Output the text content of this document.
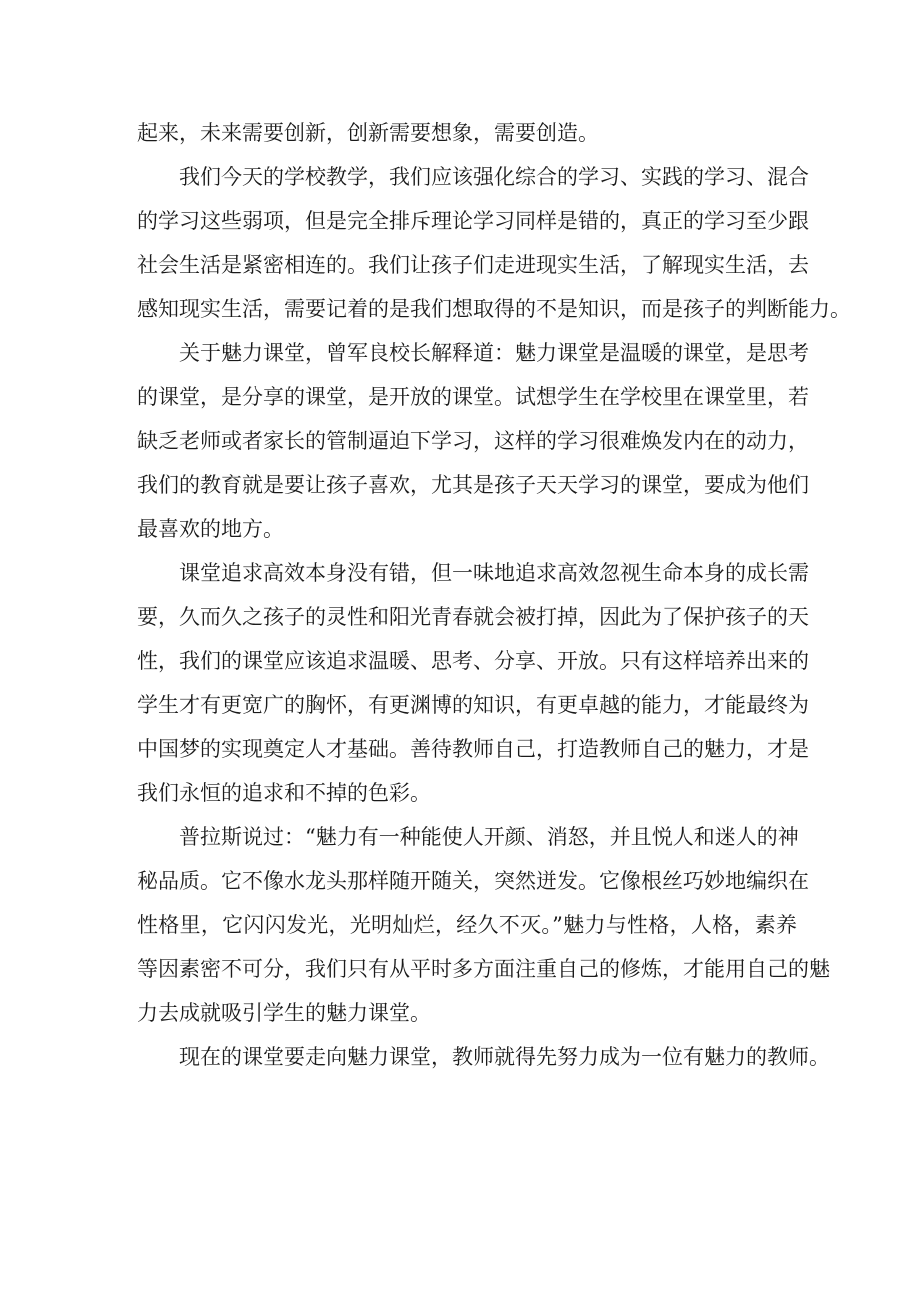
起来，未来需要创新，创新需要想象，需要创造。
我们今天的学校教学，我们应该强化综合的学习、实践的学习、混合
的学习这些弱项，但是完全排斥理论学习同样是错的，真正的学习至少跟
社会生活是紧密相连的。我们让孩子们走进现实生活，了解现实生活，去
感知现实生活，需要记着的是我们想取得的不是知识，而是孩子的判断能力。
关于魅力课堂，曾军良校长解释道：魅力课堂是温暖的课堂，是思考
的课堂，是分享的课堂，是开放的课堂。试想学生在学校里在课堂里，若
缺乏老师或者家长的管制逼迫下学习，这样的学习很难焕发内在的动力，
我们的教育就是要让孩子喜欢，尤其是孩子天天学习的课堂，要成为他们
最喜欢的地方。
课堂追求高效本身没有错，但一味地追求高效忽视生命本身的成长需
要，久而久之孩子的灵性和阳光青春就会被打掉，因此为了保护孩子的天
性，我们的课堂应该追求温暖、思考、分享、开放。只有这样培养出来的
学生才有更宽广的胸怀，有更渊博的知识，有更卓越的能力，才能最终为
中国梦的实现奠定人才基础。善待教师自己，打造教师自己的魅力，才是
我们永恒的追求和不掉的色彩。
普拉斯说过：“魅力有一种能使人开颜、消怒，并且悦人和迷人的神
秘品质。它不像水龙头那样随开随关，突然迸发。它像根丝巧妙地编织在
性格里，它闪闪发光，光明灿烂，经久不灭。”魅力与性格，人格，素养
等因素密不可分，我们只有从平时多方面注重自己的修炼，才能用自己的魅
力去成就吸引学生的魅力课堂。
现在的课堂要走向魅力课堂，教师就得先努力成为一位有魅力的教师。
